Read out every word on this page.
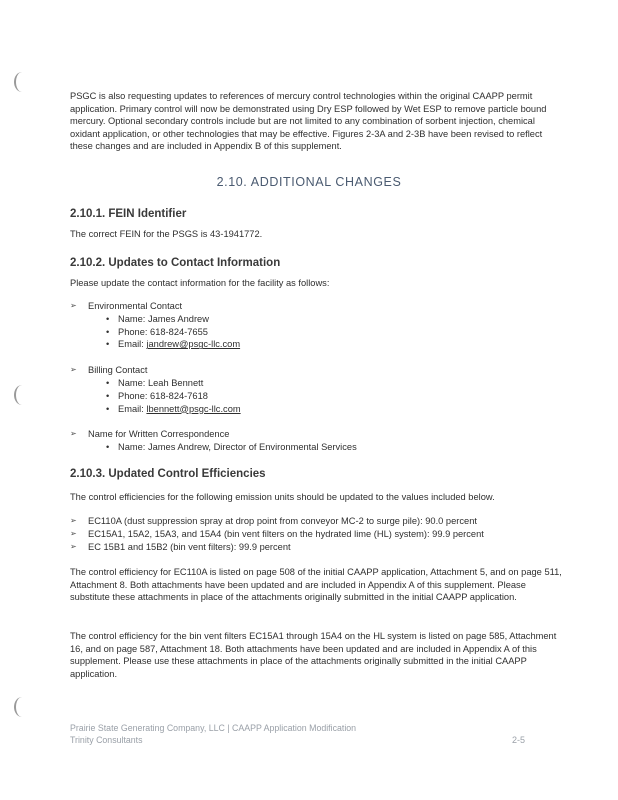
PSGC is also requesting updates to references of mercury control technologies within the original CAAPP permit application. Primary control will now be demonstrated using Dry ESP followed by Wet ESP to remove particle bound mercury. Optional secondary controls include but are not limited to any combination of sorbent injection, chemical oxidant application, or other technologies that may be effective. Figures 2-3A and 2-3B have been revised to reflect these changes and are included in Appendix B of this supplement.

2.10. ADDITIONAL CHANGES
2.10.1. FEIN Identifier
The correct FEIN for the PSGS is 43-1941772.
2.10.2. Updates to Contact Information
Please update the contact information for the facility as follows:
➢ Environmental Contact
• Name: James Andrew
• Phone: 618-824-7655
• Email: jandrew@psgc-llc.com
➢ Billing Contact
• Name: Leah Bennett
• Phone: 618-824-7618
• Email: lbennett@psgc-llc.com
➢ Name for Written Correspondence
• Name: James Andrew, Director of Environmental Services
2.10.3. Updated Control Efficiencies
The control efficiencies for the following emission units should be updated to the values included below.
➢ EC110A (dust suppression spray at drop point from conveyor MC-2 to surge pile): 90.0 percent
➢ EC15A1, 15A2, 15A3, and 15A4 (bin vent filters on the hydrated lime (HL) system): 99.9 percent
➢ EC 15B1 and 15B2 (bin vent filters): 99.9 percent

The control efficiency for EC110A is listed on page 508 of the initial CAAPP application, Attachment 5, and on page 511, Attachment 8. Both attachments have been updated and are included in Appendix A of this supplement. Please substitute these attachments in place of the attachments originally submitted in the initial CAAPP application.

The control efficiency for the bin vent filters EC15A1 through 15A4 on the HL system is listed on page 585, Attachment 16, and on page 587, Attachment 18. Both attachments have been updated and are included in Appendix A of this supplement. Please use these attachments in place of the attachments originally submitted in the initial CAAPP application.

Prairie State Generating Company, LLC | CAAPP Application Modification
Trinity Consultants	2-5
